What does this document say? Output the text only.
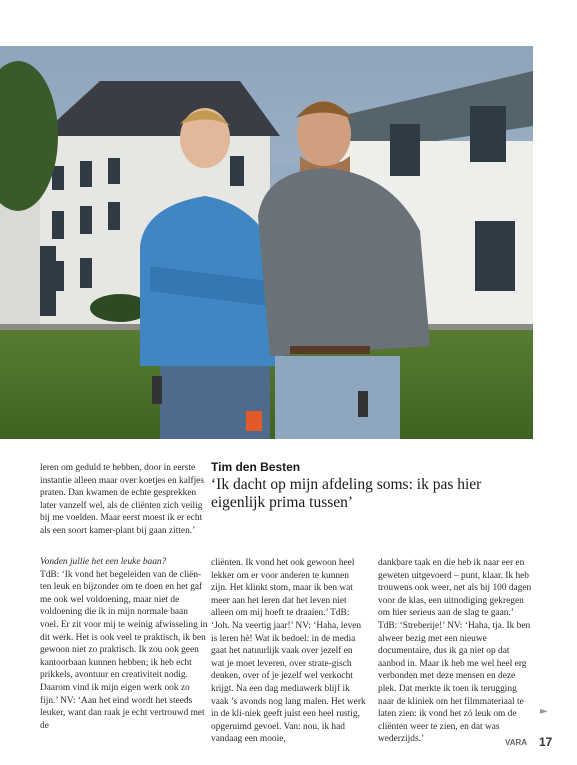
leren om geduld te hebben, door in eerste instantie alleen maar over koetjes en kalfjes praten. Dan kwamen de echte gesprekken later vanzelf wel, als de cliënten zich veilig bij me voelden. Maar eerst moest ik er echt als een soort kamer-plant bij gaan zitten.’

Tim den Besten
‘Ik dacht op mijn afdeling soms: ik pas hier eigenlijk prima tussen’

Vonden jullie het een leuke baan?

TdB: ‘Ik vond het begeleiden van de cliën-ten leuk en bijzonder om te doen en het gaf me ook wel voldoening, maar niet de voldoening die ik in mijn normale baan voel. Er zit voor mij te weinig afwisseling in dit werk. Het is ook veel te praktisch, ik ben gewoon niet zo praktisch. Ik zou ook geen kantoorbaan kunnen hebben; ik heb echt prikkels, avontuur en creativiteit nodig. Daarom vind ik mijn eigen werk ook zo fijn.’ NV: ‘Aan het eind wordt het steeds leuker, want dan raak je echt vertrouwd met de

cliënten. Ik vond het ook gewoon heel lekker om er voor anderen te kunnen zijn. Het klinkt stom, maar ik ben wat meer aan het leren dat het leven niet alleen om mij hoeft te draaien.’ TdB: ‘Joh. Na veertig jaar!’ NV: ‘Haha, leven is leren hè! Wat ik bedoel: in de media gaat het natuurlijk vaak over jezelf en wat je moet leveren, over strate-gisch denken, over of je jezelf wel verkocht krijgt. Na een dag mediawerk blijf ik vaak ’s avonds nog lang malen. Het werk in de kli-niek geeft juist een heel rustig, opgeruimd gevoel. Van: nou, ik had vandaag een mooie,

dankbare taak en die heb ik naar eer en geweten uitgevoerd – punt, klaar. Ik heb trouwens ook weer, net als bij 100 dagen voor de klas, een uitnodiging gekregen om hier serieus aan de slag te gaan.’ TdB: ‘Streberije!’ NV: ‘Haha, tja. Ik ben alweer bezig met een nieuwe documentaire, dus ik ga niet op dat aanbod in. Maar ik heb me wel heel erg verbonden met deze mensen en deze plek. Dat merkte ik toen ik terugging naar de kliniek om het filmmateriaal te laten zien: ik vond het zó leuk om de cliënten weer te zien, en dat was wederzijds.’

►
VARA 17
